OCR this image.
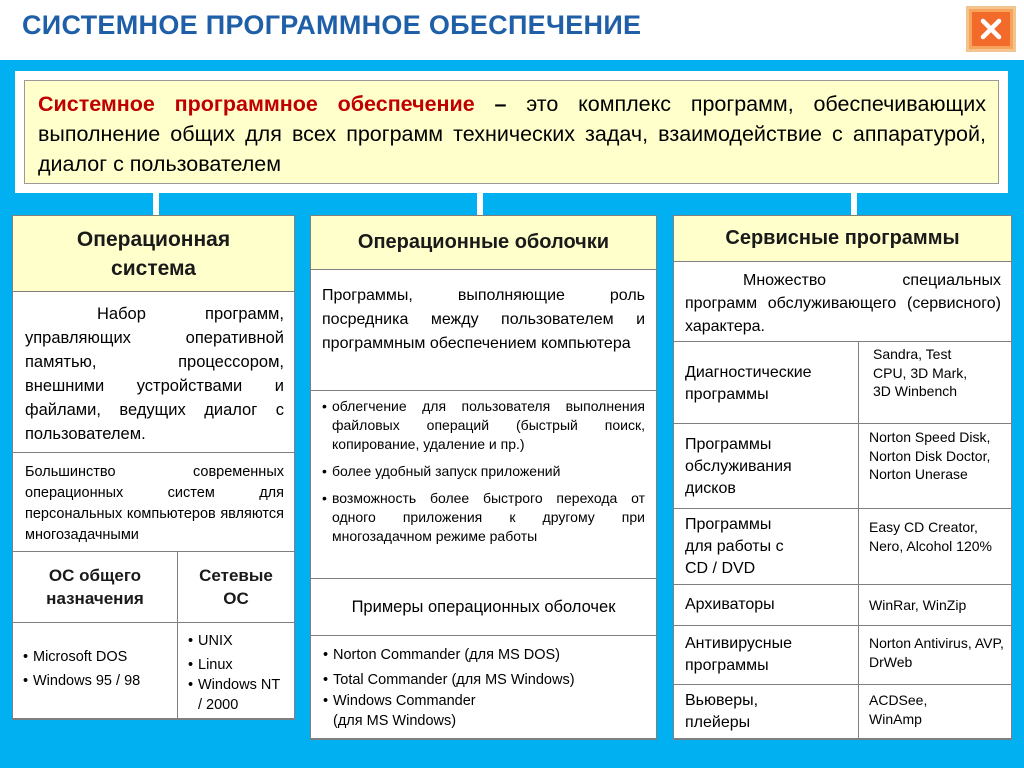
СИСТЕМНОЕ ПРОГРАММНОЕ ОБЕСПЕЧЕНИЕ
Системное программное обеспечение – это комплекс программ, обеспечивающих выполнение общих для всех программ технических задач, взаимодействие с аппаратурой, диалог с пользователем
Операционная система
Набор программ, управляющих оперативной памятью, процессором, внешними устройствами и файлами, ведущих диалог с пользователем.
Большинство современных операционных систем для персональных компьютеров являются многозадачными
ОС общего назначения
Сетевые ОС
• Microsoft DOS
• Windows 95 / 98
• UNIX
• Linux
• Windows NT / 2000
Операционные оболочки
Программы, выполняющие роль посредника между пользователем и программным обеспечением компьютера
• облегчение для пользователя выполнения файловых операций (быстрый поиск, копирование, удаление и пр.)
• более удобный запуск приложений
• возможность более быстрого перехода от одного приложения к другому при многозадачном режиме работы
Примеры операционных оболочек
• Norton Commander (для MS DOS)
• Total Commander (для MS Windows)
• Windows Commander (для MS Windows)
Сервисные программы
Множество специальных программ обслуживающего (сервисного) характера.
Диагностические программы
Sandra, Test CPU, 3D Mark, 3D Winbench
Программы обслуживания дисков
Norton Speed Disk, Norton Disk Doctor, Norton Unerase
Программы для работы с CD / DVD
Easy CD Creator, Nero, Alcohol 120%
Архиваторы	WinRar, WinZip
Антивирусные программы
Norton Antivirus, AVP, DrWeb
Вьюверы, плейеры
ACDSee, WinAmp
